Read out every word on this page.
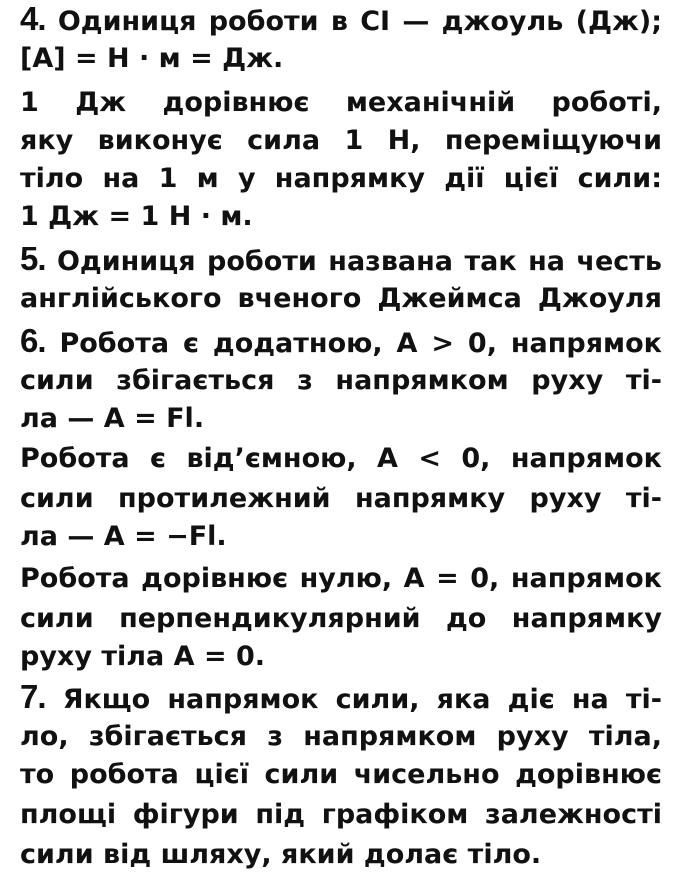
4. Одиниця роботи в СІ — джоуль (Дж);
[A] = Н · м = Дж.
1 Дж дорівнює механічній роботі,
яку виконує сила 1 Н, переміщуючи
тіло на 1 м у напрямку дії цієї сили:
1 Дж = 1 Н · м.
5. Одиниця роботи названа так на честь
англійського вченого Джеймса Джоуля
6. Робота є додатною, A > 0, напрямок
сили збігається з напрямком руху ті-
ла — A = Fl.
Робота є від’ємною, A < 0, напрямок
сили протилежний напрямку руху ті-
ла — A = −Fl.
Робота дорівнює нулю, A = 0, напрямок
сили перпендикулярний до напрямку
руху тіла A = 0.
7. Якщо напрямок сили, яка діє на ті-
ло, збігається з напрямком руху тіла,
то робота цієї сили чисельно дорівнює
площі фігури під графіком залежності
сили від шляху, який долає тіло.
